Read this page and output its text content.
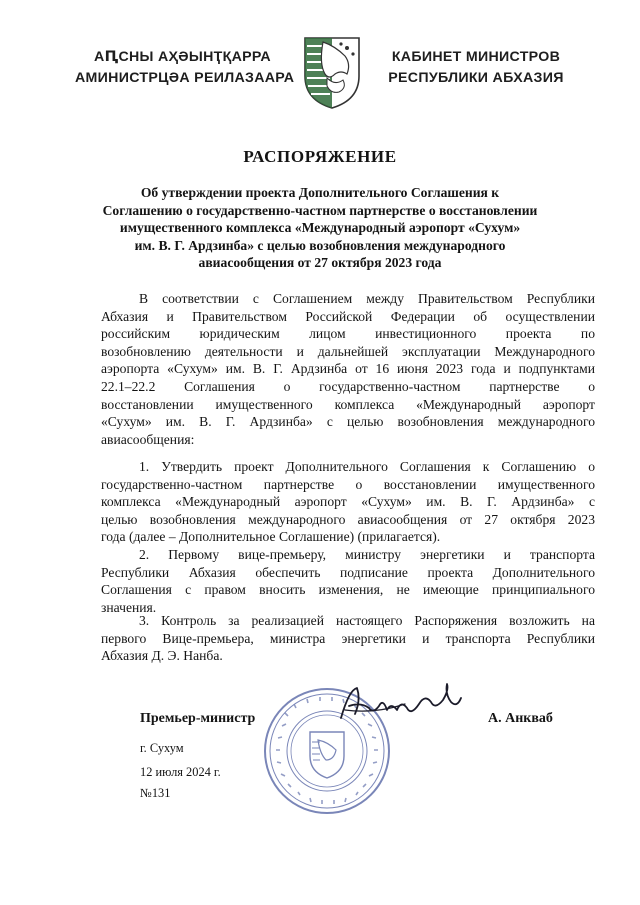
АԤСНЫ АҲӘЫНҬҚАРРА
АМИНИСТРЦӘА РЕИЛАЗААРА
КАБИНЕТ МИНИСТРОВ
РЕСПУБЛИКИ АБХАЗИЯ
РАСПОРЯЖЕНИЕ
Об утверждении проекта Дополнительного Соглашения к
Соглашению о государственно-частном партнерстве о восстановлении
имущественного комплекса «Международный аэропорт «Сухум»
им. В. Г. Ардзинба» с целью возобновления международного
авиасообщения от 27 октября 2023 года
В соответствии с Соглашением между Правительством Республики
Абхазия и Правительством Российской Федерации об осуществлении
российским юридическим лицом инвестиционного проекта по
возобновлению деятельности и дальнейшей эксплуатации Международного
аэропорта «Сухум» им. В. Г. Ардзинба от 16 июня 2023 года и подпунктами
22.1–22.2 Соглашения о государственно-частном партнерстве о
восстановлении имущественного комплекса «Международный аэропорт
«Сухум» им. В. Г. Ардзинба» с целью возобновления международного
авиасообщения:
1. Утвердить проект Дополнительного Соглашения к Соглашению о
государственно-частном партнерстве о восстановлении имущественного
комплекса «Международный аэропорт «Сухум» им. В. Г. Ардзинба» с
целью возобновления международного авиасообщения от 27 октября 2023
года (далее – Дополнительное Соглашение) (прилагается).
2. Первому вице-премьеру, министру энергетики и транспорта
Республики Абхазия обеспечить подписание проекта Дополнительного
Соглашения с правом вносить изменения, не имеющие принципиального
значения.
3. Контроль за реализацией настоящего Распоряжения возложить на
первого Вице-премьера, министра энергетики и транспорта Республики
Абхазия Д. Э. Нанба.
Премьер-министр	А. Анкваб
г. Сухум
12 июля 2024 г.
№131
